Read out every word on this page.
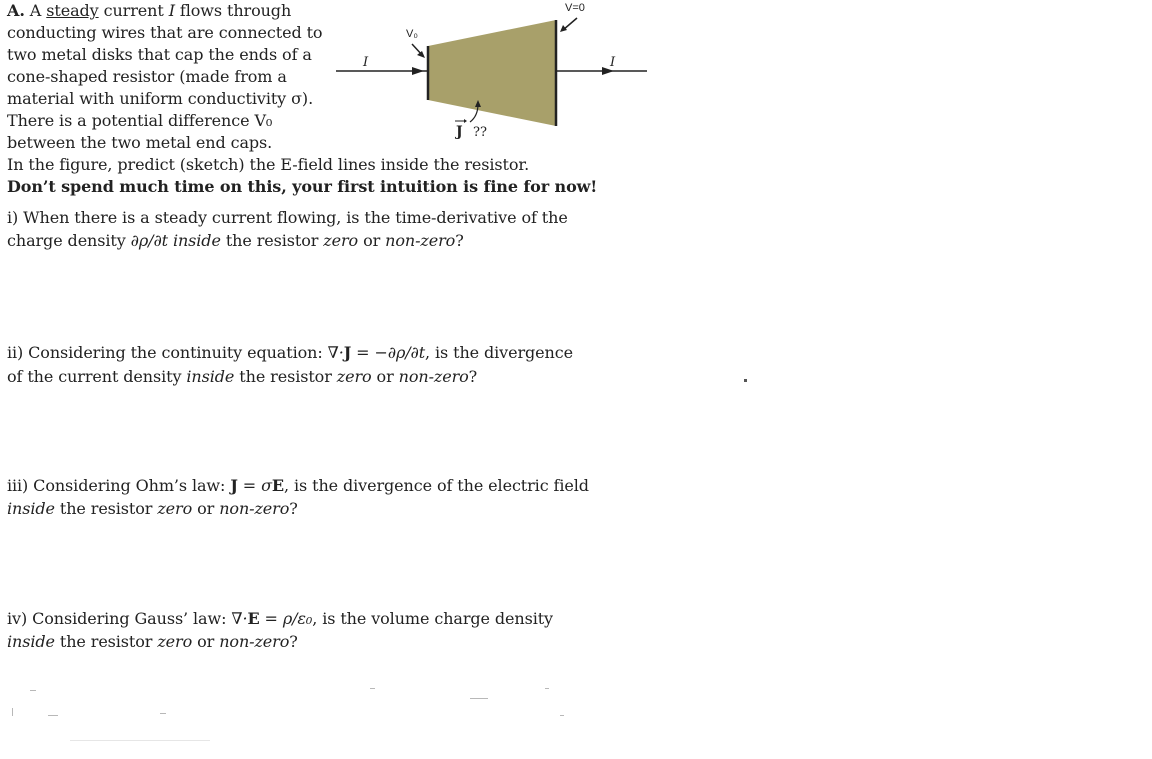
V₀
V=0
I	I
J ??
A. A steady current I flows through
conducting wires that are connected to
two metal disks that cap the ends of a
cone-shaped resistor (made from a
material with uniform conductivity σ).
There is a potential difference V₀
between the two metal end caps.
In the figure, predict (sketch) the E-field lines inside the resistor.
Don’t spend much time on this, your first intuition is fine for now!
i) When there is a steady current flowing, is the time-derivative of the
charge density ∂ρ/∂t inside the resistor zero or non-zero?
ii) Considering the continuity equation: ∇·J = −∂ρ/∂t, is the divergence
of the current density inside the resistor zero or non-zero?
iii) Considering Ohm’s law: J = σE, is the divergence of the electric field
inside the resistor zero or non-zero?
iv) Considering Gauss’ law: ∇·E = ρ/ε₀, is the volume charge density
inside the resistor zero or non-zero?
